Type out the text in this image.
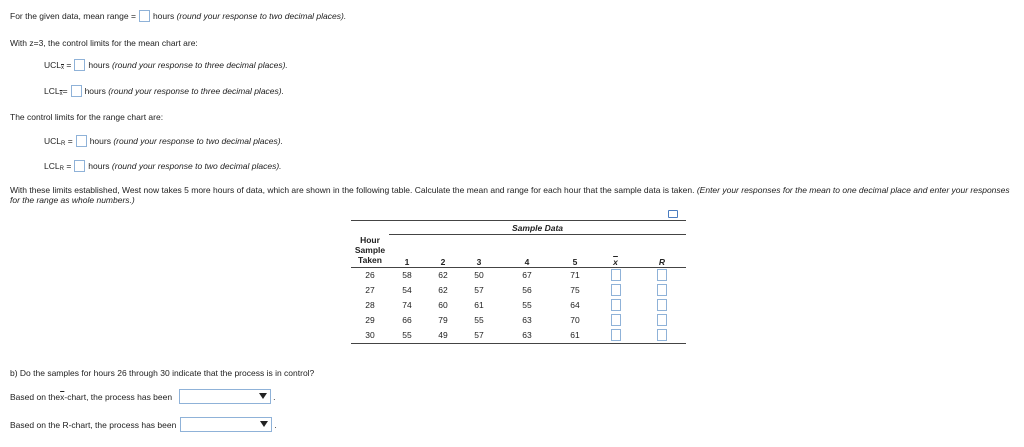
For the given data, mean range = hours
(round your response to two decimal places).
With z=3, the control limits for the mean chart are:
UCL $\overline{x}$
= hours
(round your response to three decimal places).
LCL $\overline{x}$ = hours
(round your response to three decimal places).
The control limits for the range chart are:
UCL R
= hours
(round your response to two decimal places).
LCL R
= hours
(round your response to two decimal places).
With these limits established, West now takes 5 more hours of data, which are shown in the following table. Calculate the mean and range for each hour that the sample data is taken. (Enter your responses for the mean to one decimal place and enter your responses for the range as whole numbers.)
	Sample Data						

Hour
Sample
Taken	1	2	3	4	5	$\overline{x}$	R
26	58	62	50	67	71		
27	54	62	57	56	75		
28	74	60	61	55	64		
29	66	79	55	63	70		
30	55	49	57	63	61		
b) Do the samples for hours 26 through 30 indicate that the process is in control?
Based on the $\overline{x}$ -chart, the process has been	.
Based on the R-chart, the process has been	.
